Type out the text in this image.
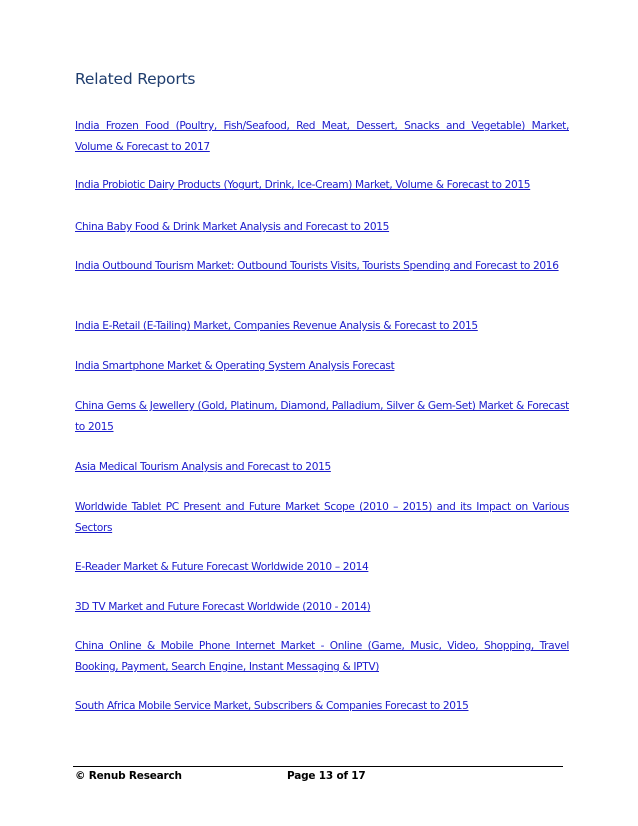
Related Reports
India Frozen Food (Poultry, Fish/Seafood, Red Meat, Dessert, Snacks and Vegetable) Market, Volume & Forecast to 2017
India Probiotic Dairy Products (Yogurt, Drink, Ice-Cream) Market, Volume & Forecast to 2015
China Baby Food & Drink Market Analysis and Forecast to 2015
India Outbound Tourism Market: Outbound Tourists Visits, Tourists Spending and Forecast to 2016
India E-Retail (E-Tailing) Market, Companies Revenue Analysis & Forecast to 2015
India Smartphone Market & Operating System Analysis Forecast
China Gems & Jewellery (Gold, Platinum, Diamond, Palladium, Silver & Gem-Set) Market & Forecast to 2015
Asia Medical Tourism Analysis and Forecast to 2015
Worldwide Tablet PC Present and Future Market Scope (2010 – 2015) and its Impact on Various Sectors
E-Reader Market & Future Forecast Worldwide 2010 – 2014
3D TV Market and Future Forecast Worldwide (2010 - 2014)
China Online & Mobile Phone Internet Market - Online (Game, Music, Video, Shopping, Travel Booking, Payment, Search Engine, Instant Messaging & IPTV)
South Africa Mobile Service Market, Subscribers & Companies Forecast to 2015
© Renub Research	Page 13 of 17
